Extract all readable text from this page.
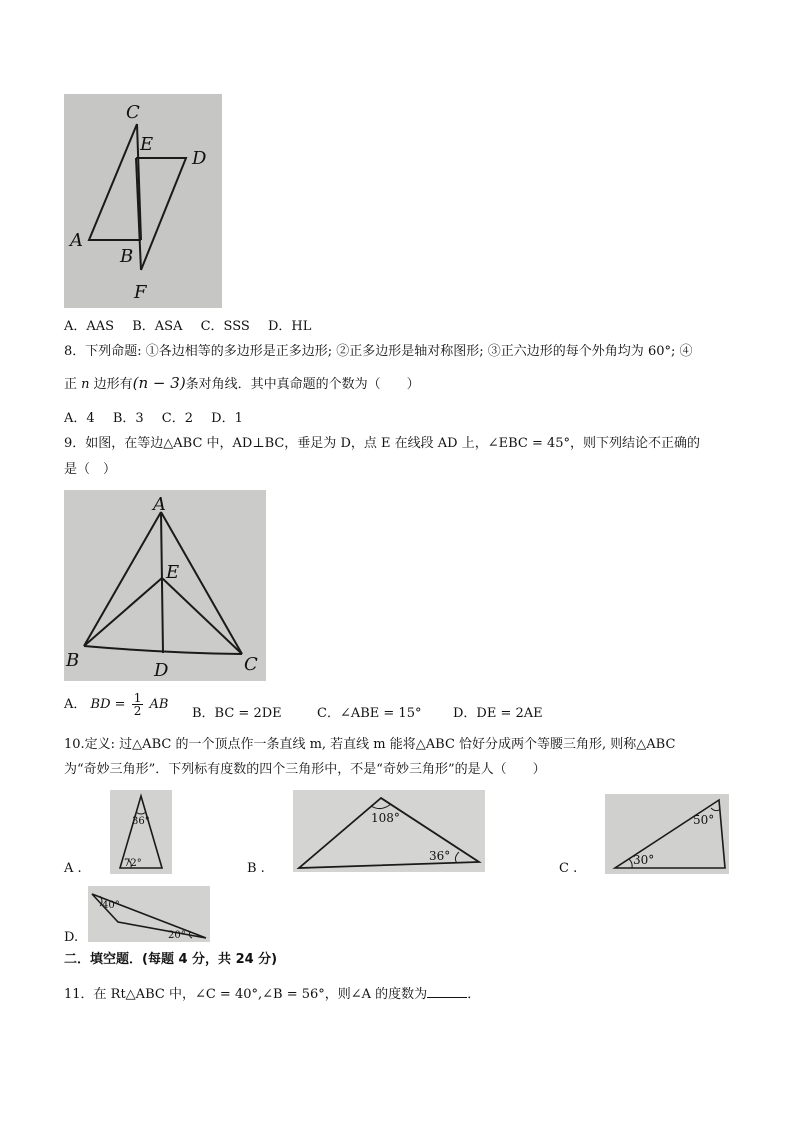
C
E
D
A
B
F
A．AAS B．ASA C．SSS D．HL
8．下列命题: ①各边相等的多边形是正多边形; ②正多边形是轴对称图形; ③正六边形的每个外角均为 60°; ④
正 n 边形有(n − 3)条对角线．其中真命题的个数为（　　）
A．4 B．3 C．2 D．1
9．如图，在等边△ABC 中，AD⊥BC，垂足为 D，点 E 在线段 AD 上，∠EBC = 45°，则下列结论不正确的
是（　）
A
E
B	D	C
A． BD = $\frac{1}{2}$ AB
B．BC = 2DE	C．∠ABE = 15° D．DE = 2AE
10.定义: 过△ABC 的一个顶点作一条直线 m, 若直线 m 能将△ABC 恰好分成两个等腰三角形, 则称△ABC
为“奇妙三角形”．下列标有度数的四个三角形中，不是“奇妙三角形”的是人（　　）
A .
36°
72°	B .
108°
36°
C .
50°
30°
D.
40°
20°
二．填空题．(每题 4 分，共 24 分)
11．在 Rt△ABC 中，∠C = 40°,∠B = 56°，则∠A 的度数为	．
